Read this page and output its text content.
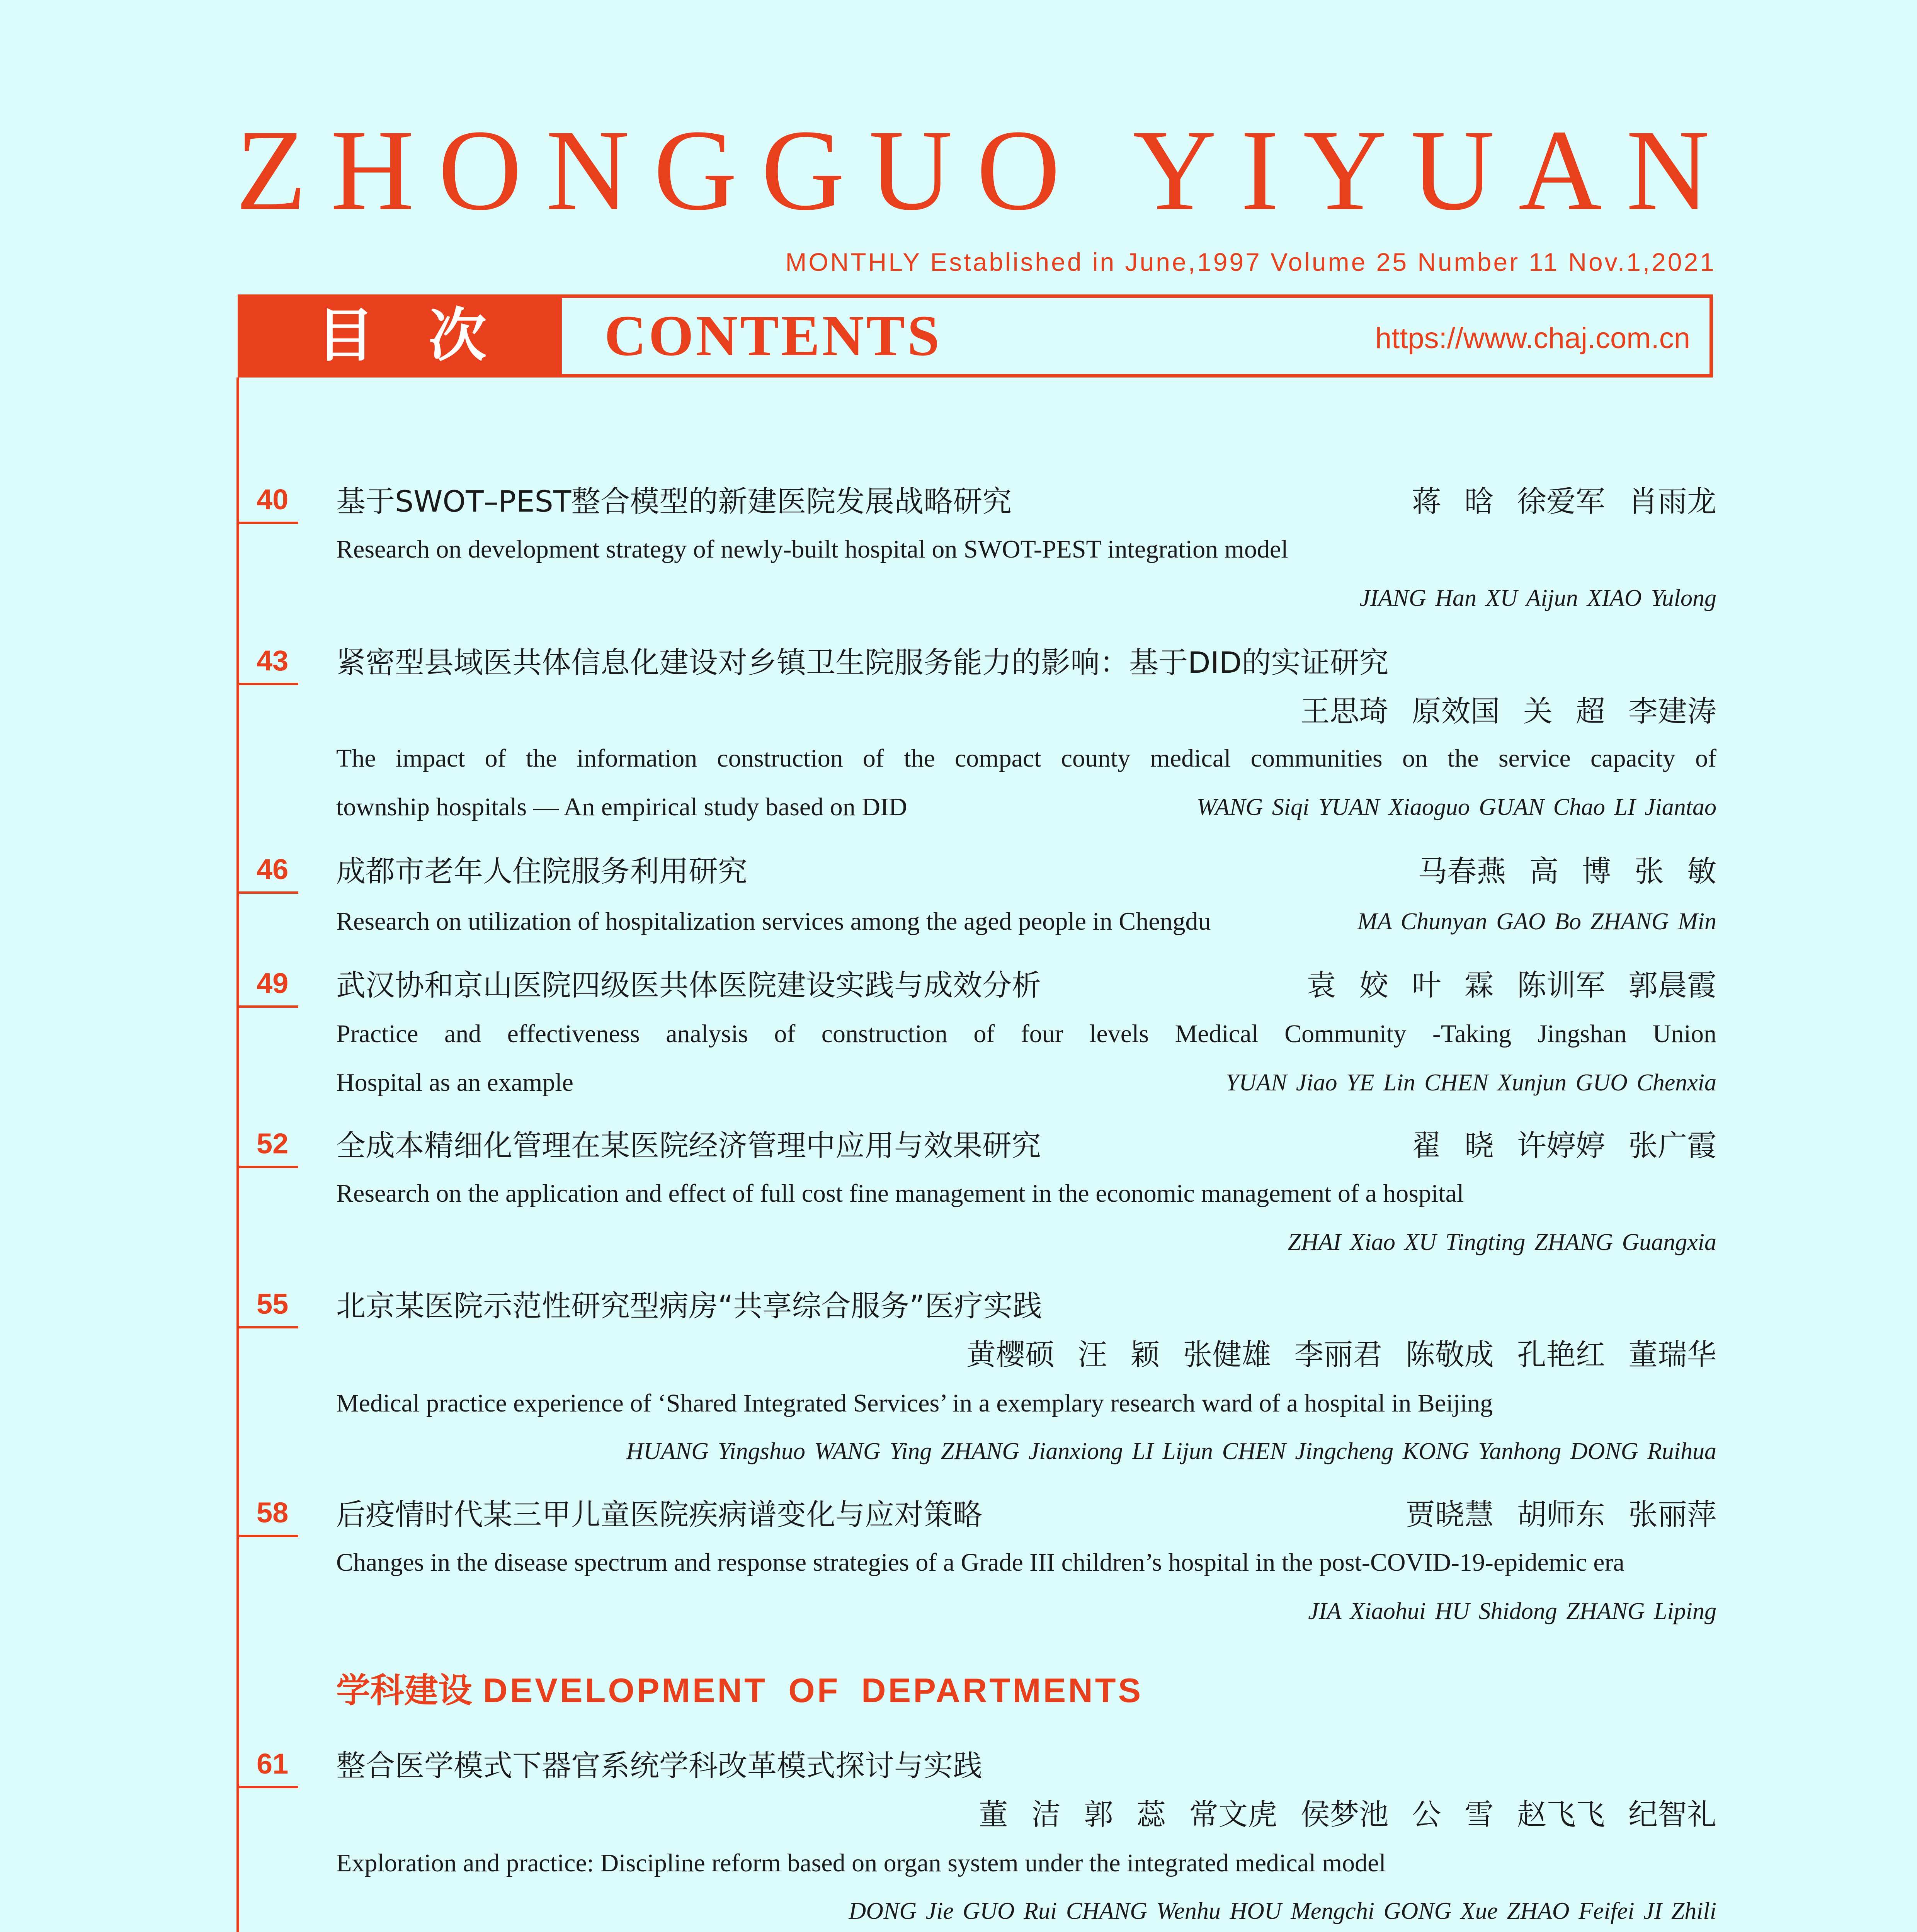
ZHONGGUO YIYUAN
MONTHLY Established in June,1997 Volume 25 Number 11 Nov.1,2021
目次	CONTENTS	https://www.chaj.com.cn
40 基于SWOT–PEST整合模型的新建医院发展战略研究	蒋 晗 徐爱军 肖雨龙
Research on development strategy of newly-built hospital on SWOT-PEST integration model
JIANG Han XU Aijun XIAO Yulong
43 紧密型县域医共体信息化建设对乡镇卫生院服务能力的影响：基于DID的实证研究
王思琦 原效国 关 超 李建涛
The impact of the information construction of the compact county medical communities on the service capacity of
township hospitals — An empirical study based on DID	WANG Siqi YUAN Xiaoguo GUAN Chao LI Jiantao
46 成都市老年人住院服务利用研究	马春燕 高 博 张 敏
Research on utilization of hospitalization services among the aged people in Chengdu	MA Chunyan GAO Bo ZHANG Min
49 武汉协和京山医院四级医共体医院建设实践与成效分析	袁 姣 叶 霖 陈训军 郭晨霞
Practice and effectiveness analysis of construction of four levels Medical Community -Taking Jingshan Union
Hospital as an example	YUAN Jiao YE Lin CHEN Xunjun GUO Chenxia
52 全成本精细化管理在某医院经济管理中应用与效果研究	翟 晓 许婷婷 张广霞
Research on the application and effect of full cost fine management in the economic management of a hospital
ZHAI Xiao XU Tingting ZHANG Guangxia
55 北京某医院示范性研究型病房“共享综合服务”医疗实践
黄樱硕 汪 颖 张健雄 李丽君 陈敬成 孔艳红 董瑞华
Medical practice experience of ‘Shared Integrated Services’ in a exemplary research ward of a hospital in Beijing
HUANG Yingshuo WANG Ying ZHANG Jianxiong LI Lijun CHEN Jingcheng KONG Yanhong DONG Ruihua
58 后疫情时代某三甲儿童医院疾病谱变化与应对策略	贾晓慧 胡师东 张丽萍
Changes in the disease spectrum and response strategies of a Grade III children’s hospital in the post-COVID-19-epidemic era
JIA Xiaohui HU Shidong ZHANG Liping
学科建设 DEVELOPMENT OF DEPARTMENTS
61 整合医学模式下器官系统学科改革模式探讨与实践
董 洁 郭 蕊 常文虎 侯梦池 公 雪 赵飞飞 纪智礼
Exploration and practice: Discipline reform based on organ system under the integrated medical model
DONG Jie GUO Rui CHANG Wenhu HOU Mengchi GONG Xue ZHAO Feifei JI Zhili
